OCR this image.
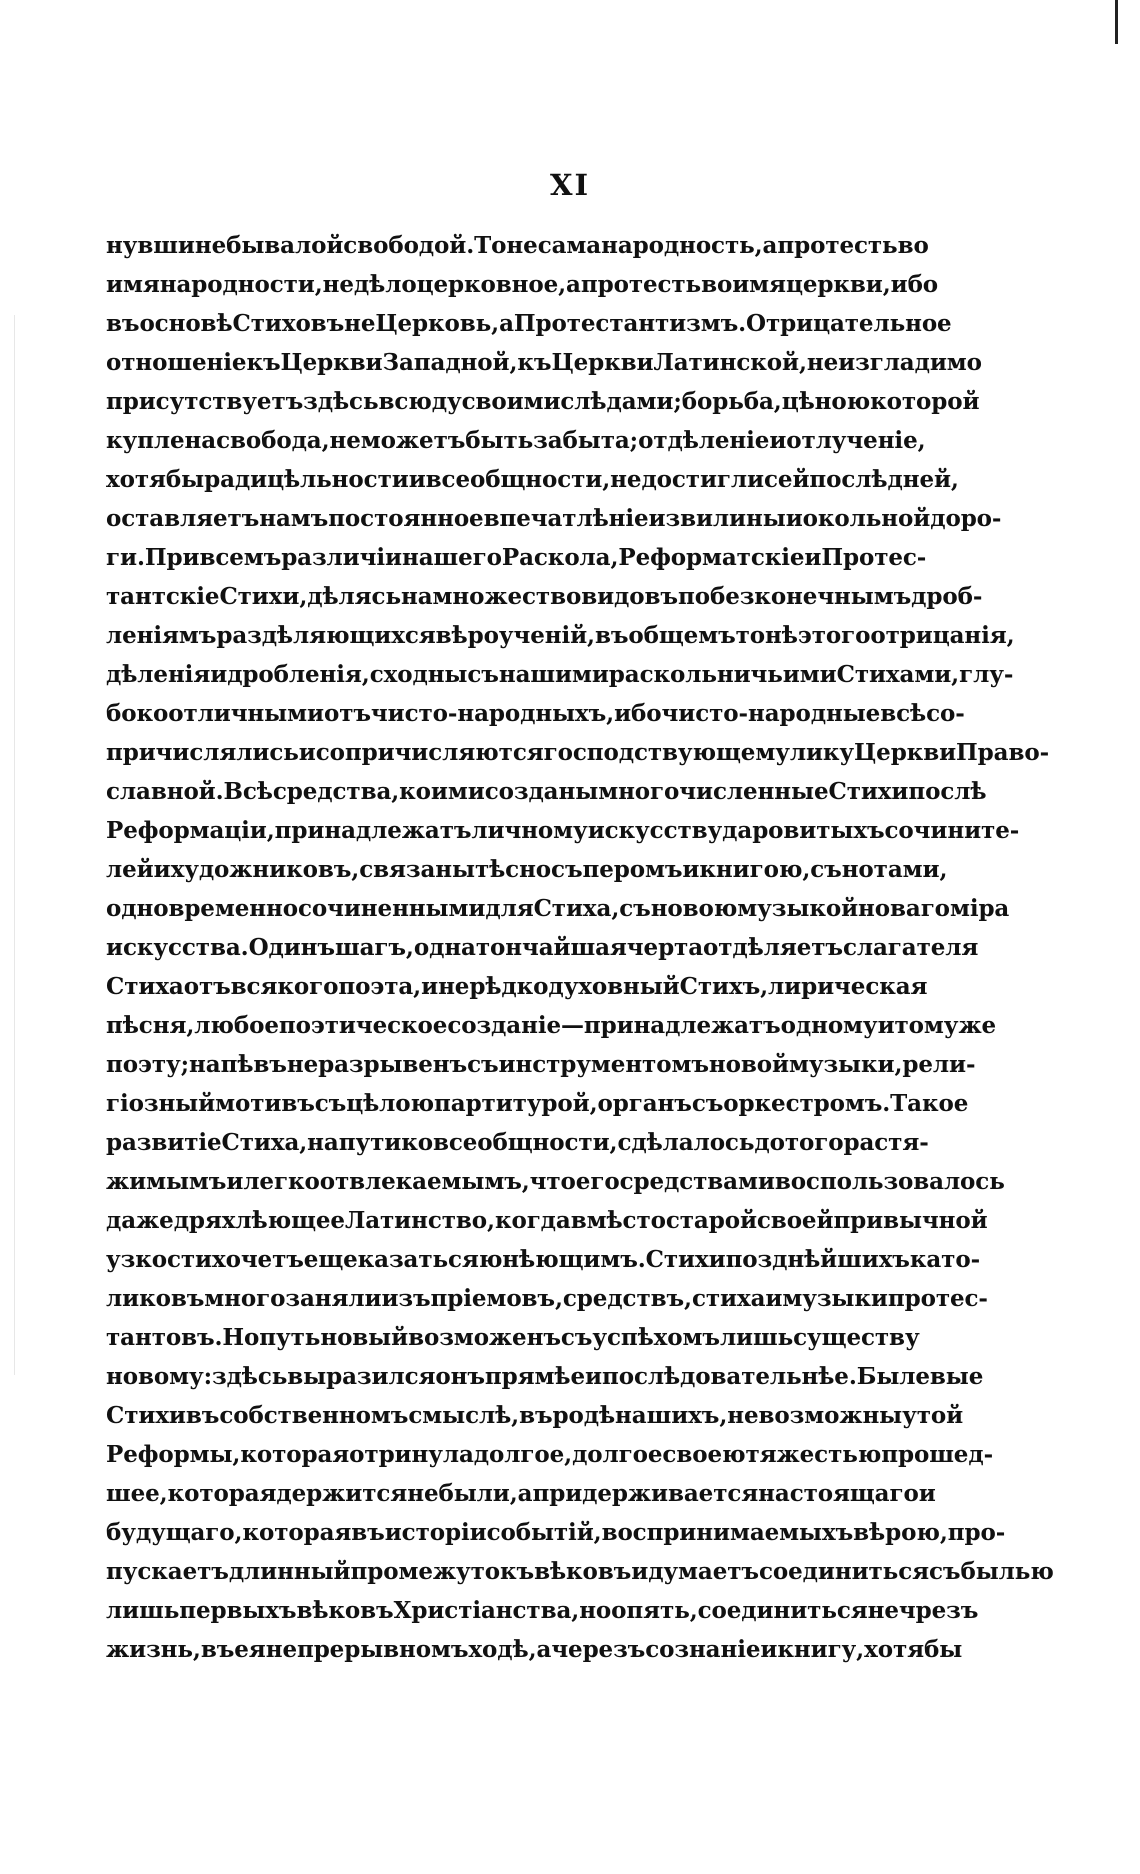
XI
нувши небывалой свободой. То не сама народность, а протесть во
имя народности, не дѣло церковное, а протесть во имя церкви, ибо
въ основѣ Стиховъ не Церковь, а Протестантизмъ. Отрицательное
отношеніе къ Церкви Западной, къ Церкви Латинской, неизгладимо
присутствуетъ здѣсь всюду своими слѣдами; борьба, цѣною которой
куплена свобода, не можетъ быть забыта; отдѣленіе и отлученіе,
хотя бы ради цѣльности и всеобщности, не достигли сей послѣдней,
оставляетъ намъ постоянное впечатлѣніе извилины и окольной доро-
ги. При всемъ различіи нашего Раскола, Реформатскіе и Протес-
тантскіе Стихи, дѣлясь на множество видовъ по безконечнымъ дроб-
леніямъ раздѣляющихся вѣроученій, въ общемъ тонѣ этого отрицанія,
дѣленія и дробленія, сходны съ нашими раскольничьими Стихами, глу-
боко отличными отъ чисто-народныхъ, ибо чисто-народные всѣ со-
причислялись и сопричисляются господствующему лику Церкви Право-
славной. Всѣ средства, коими созданы многочисленные Стихи послѣ
Реформаціи, принадлежатъ личному искусству даровитыхъ сочините-
лей и художниковъ, связаны тѣсно съ перомъ и книгою, съ нотами,
одновременно сочиненными для Стиха, съ новою музыкой новаго міра
искусства. Одинъ шагъ, одна тончайшая черта отдѣляетъ слагателя
Стиха отъ всякого поэта, и не рѣдко духовный Стихъ, лирическая
пѣсня, любое поэтическое созданіе—принадлежатъ одному и тому же
поэту; напѣвъ неразрывенъ съ инструментомъ новой музыки, рели-
гіозный мотивъ съ цѣлою партитурой, органъ съ оркестромъ. Такое
развитіе Стиха, на пути ко всеобщности, сдѣлалось до того растя-
жимымъ и легко отвлекаемымъ, что его средствами воспользовалось
даже дряхлѣющее Латинство, когда вмѣсто старой своей привычной
узкости хочетъ еще казаться юнѣющимъ. Стихи позднѣйшихъ като-
ликовъ много заняли изъ пріемовъ, средствъ, стиха и музыки протес-
тантовъ. Но путь новый возможенъ съ успѣхомъ лишь существу
новому: здѣсь выразился онъ прямѣе и послѣдовательнѣе. Былевые
Стихи въ собственномъ смыслѣ, въ родѣ нашихъ, невозможны у той
Реформы, которая отринула долгое, долгое своею тяжестью прошед-
шее, которая держится не были, а придерживается настоящаго и
будущаго, которая въ исторіи событій, воспринимаемыхъ вѣрою, про-
пускаетъ длинный промежутокъ вѣковъ и думаетъ соединиться съ былью
лишь первыхъ вѣковъ Христіанства, но опять, соединиться не чрезъ
жизнь, въ ея непрерывномъ ходѣ, а черезъ сознаніе и книгу, хотя бы
